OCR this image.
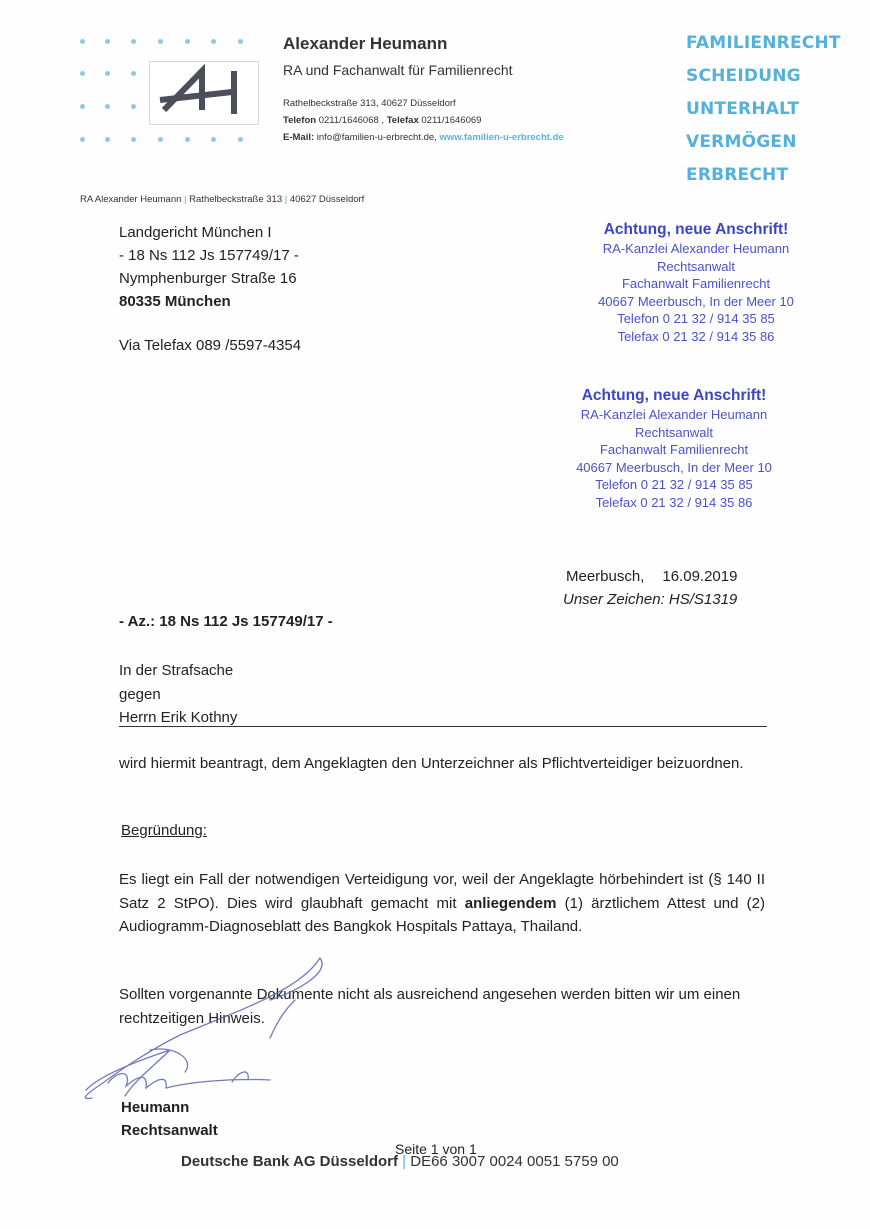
Alexander Heumann
RA und Fachanwalt für Familienrecht
Rathelbeckstraße 313, 40627 Düsseldorf
Telefon 0211/1646068 , Telefax 0211/1646069
E-Mail: info@familien-u-erbrecht.de, www.familien-u-erbrecht.de
FAMILIENRECHT
SCHEIDUNG
UNTERHALT
VERMÖGEN
ERBRECHT
RA Alexander Heumann | Rathelbeckstraße 313 | 40627 Düsseldorf
Landgericht München I
- 18 Ns 112 Js 157749/17 -
Nymphenburger Straße 16
80335 München
Via Telefax 089 /5597-4354
Achtung, neue Anschrift!
RA-Kanzlei Alexander Heumann
Rechtsanwalt
Fachanwalt Familienrecht
40667 Meerbusch, In der Meer 10
Telefon 0 21 32 / 914 35 85
Telefax 0 21 32 / 914 35 86
Achtung, neue Anschrift!
RA-Kanzlei Alexander Heumann
Rechtsanwalt
Fachanwalt Familienrecht
40667 Meerbusch, In der Meer 10
Telefon 0 21 32 / 914 35 85
Telefax 0 21 32 / 914 35 86
Meerbusch, 16.09.2019
Unser Zeichen: HS/S1319
- Az.: 18 Ns 112 Js 157749/17 -
In der Strafsache
gegen
Herrn Erik Kothny
wird hiermit beantragt, dem Angeklagten den Unterzeichner als Pflichtverteidiger beizuordnen.
Begründung:
Es liegt ein Fall der notwendigen Verteidigung vor, weil der Angeklagte hörbehindert ist (§ 140 II Satz 2 StPO). Dies wird glaubhaft gemacht mit anliegendem (1) ärztlichem Attest und (2) Audiogramm-Diagnoseblatt des Bangkok Hospitals Pattaya, Thailand.
Sollten vorgenannte Dokumente nicht als ausreichend angesehen werden bitten wir um einen rechtzeitigen Hinweis.
Heumann
Rechtsanwalt
Seite 1 von 1
Deutsche Bank AG Düsseldorf | DE66 3007 0024 0051 5759 00
